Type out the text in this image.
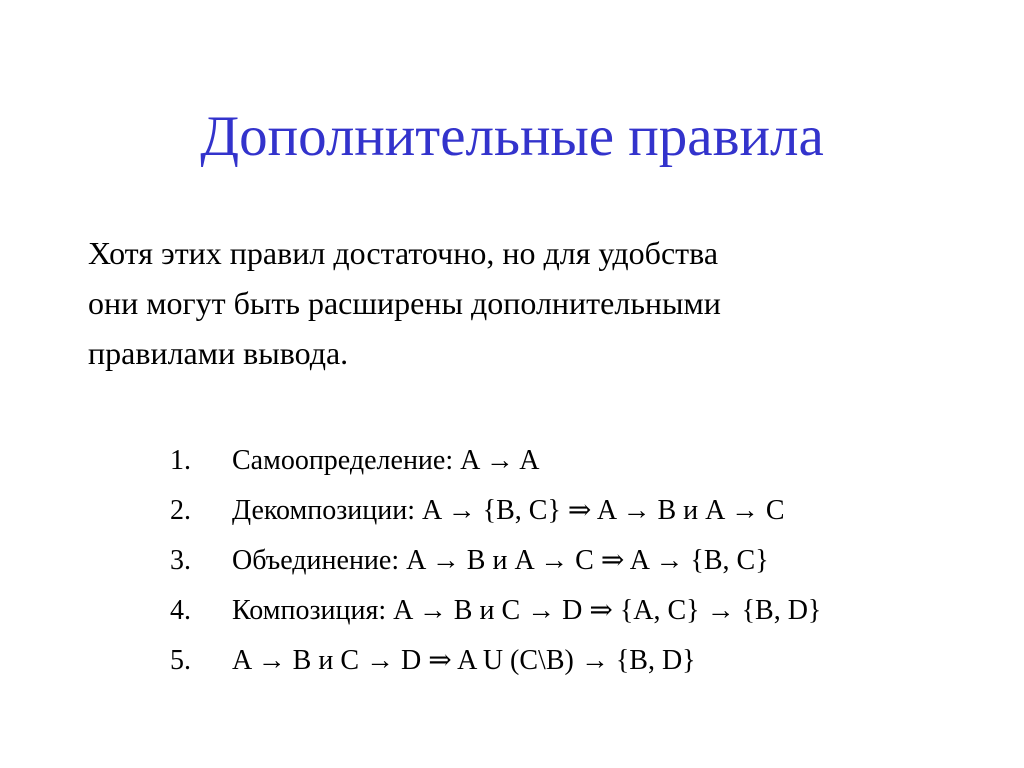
Дополнительные правила
Хотя этих правил достаточно, но для удобства
они могут быть расширены дополнительными
правилами вывода.
1. Самоопределение: A → A
2. Декомпозиции: A → {B, C} ⇒ A → B и A → C
3. Объединение: A → B и A → C ⇒ A → {B, C}
4. Композиция: A → B и C → D ⇒ {A, C} → {B, D}
5. A → B и C → D ⇒ A U (C\B) → {B, D}
